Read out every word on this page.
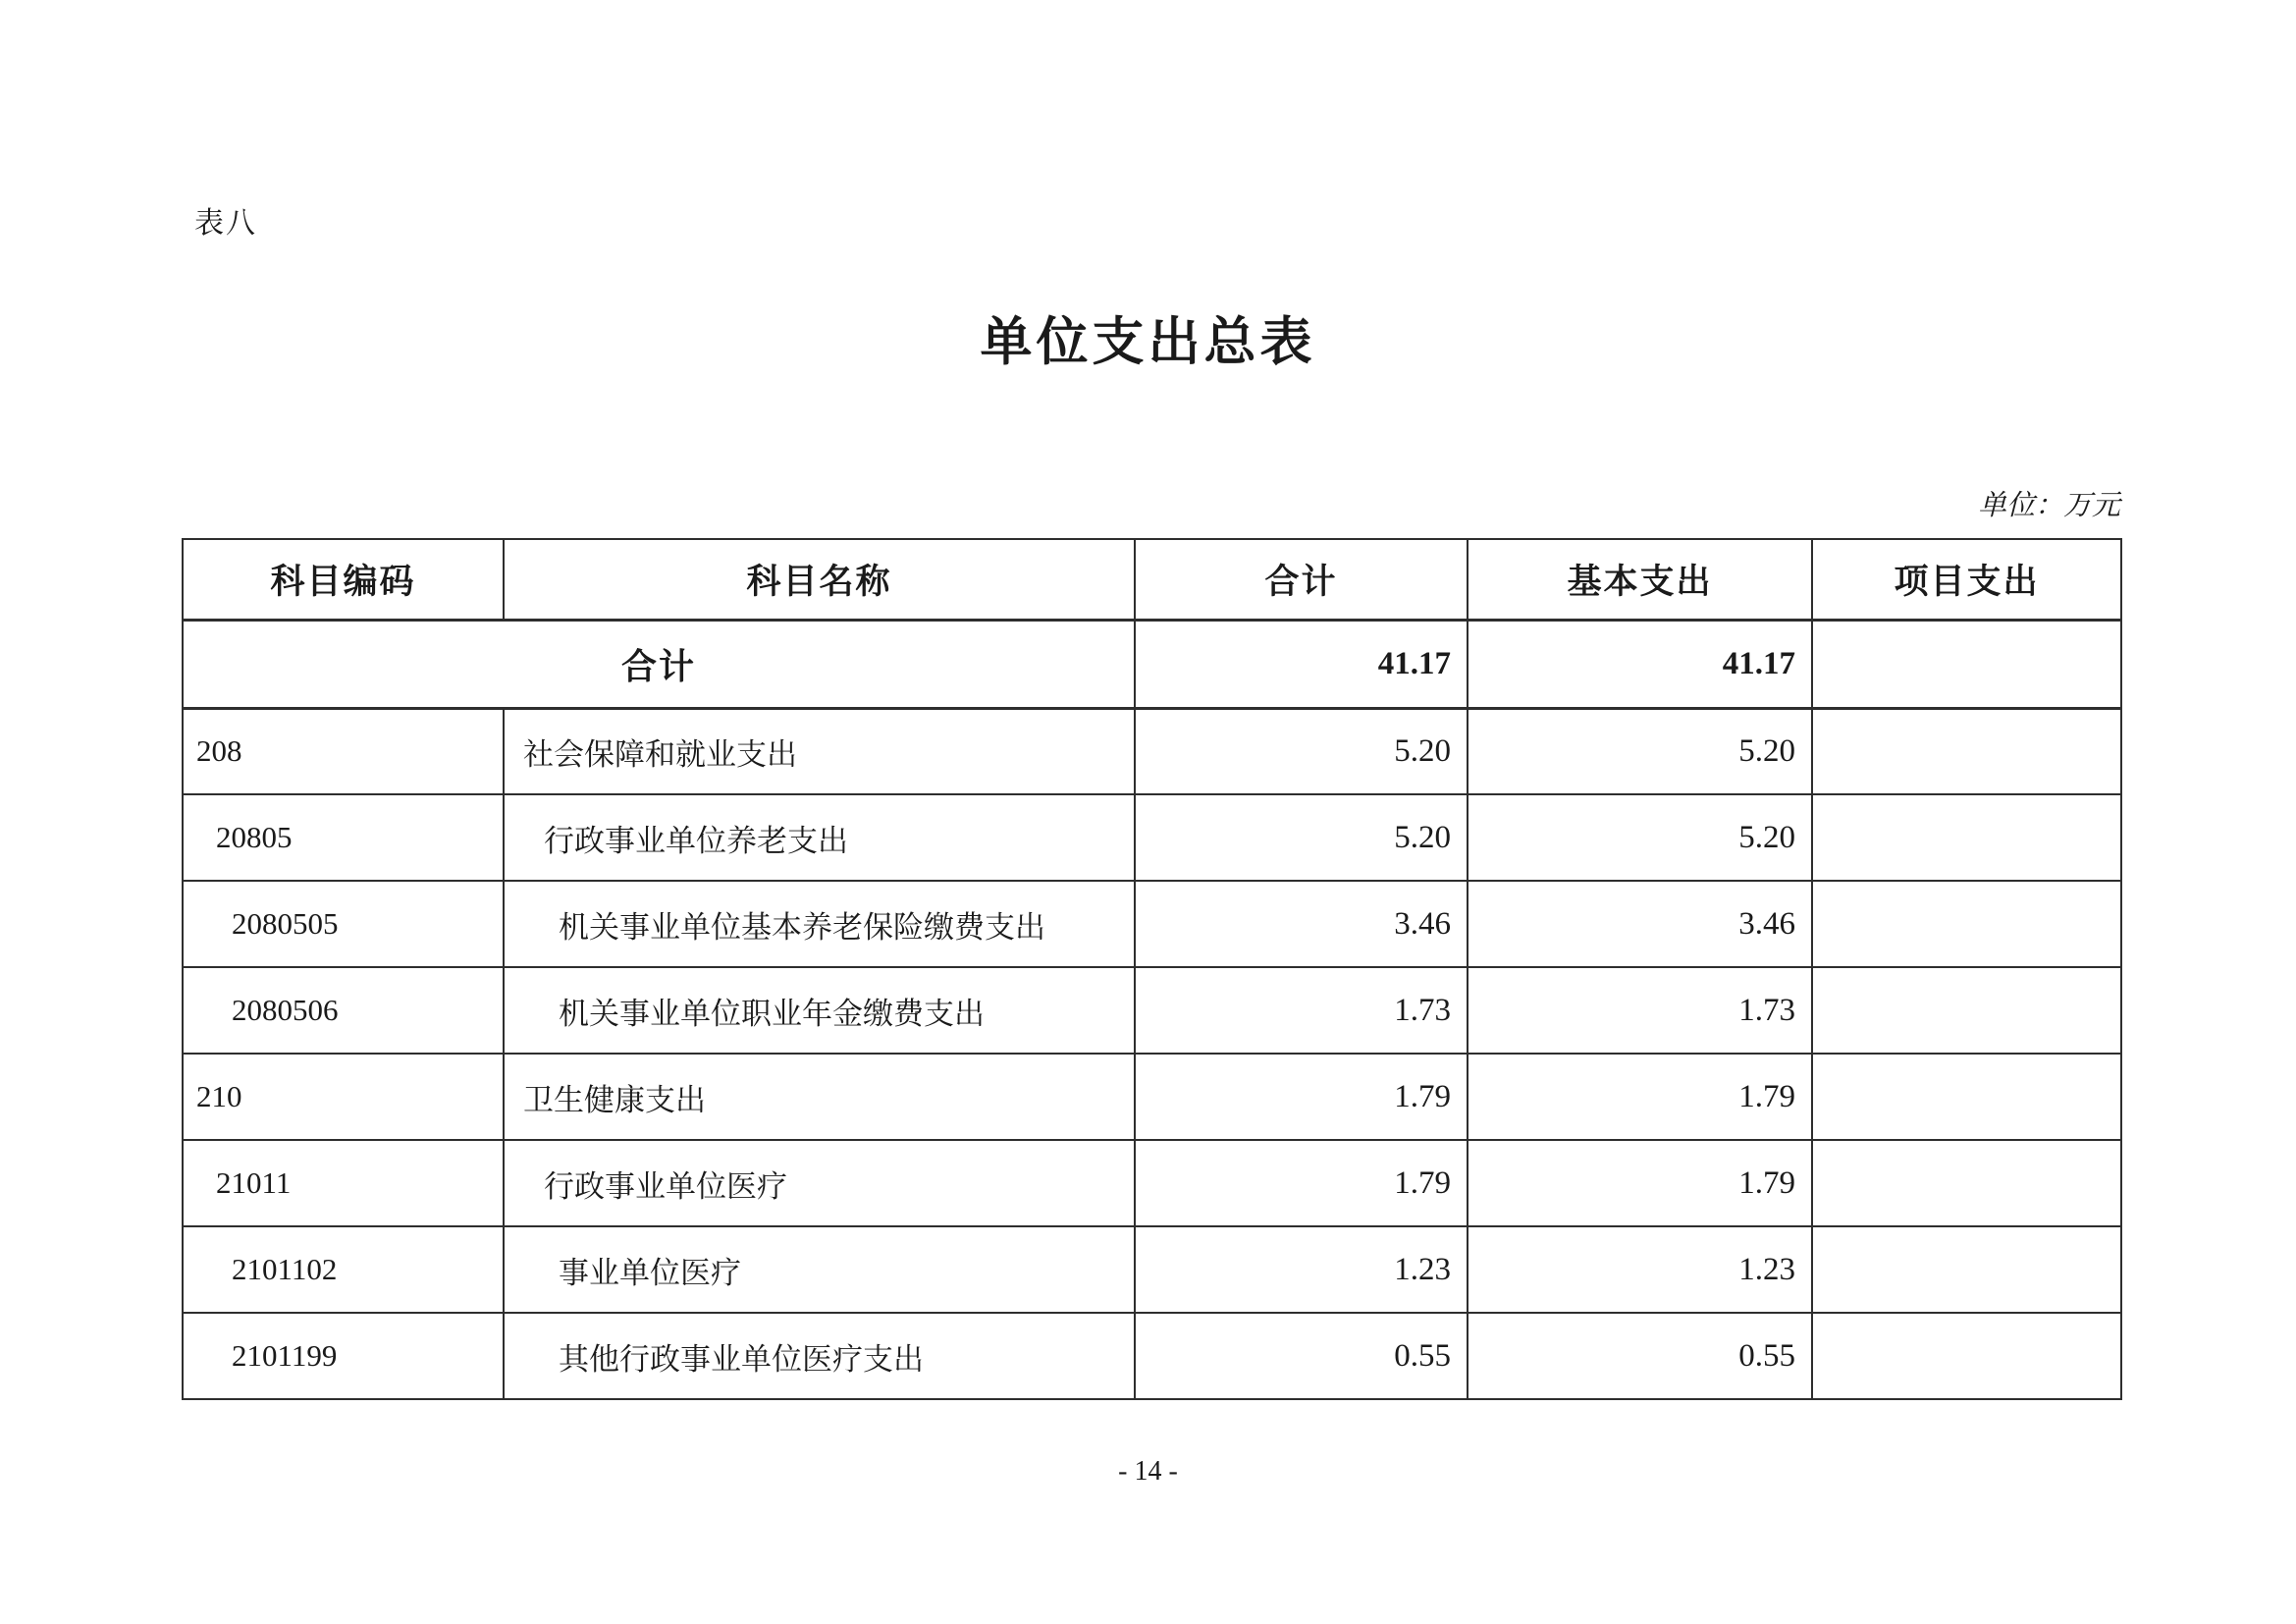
表八
单位支出总表
单位：万元
科目编码	科目名称	合计	基本支出	项目支出
合计		41.17	41.17	
208	社会保障和就业支出	5.20	5.20	
20805	行政事业单位养老支出	5.20	5.20	
2080505	机关事业单位基本养老保险缴费支出	3.46	3.46	
2080506	机关事业单位职业年金缴费支出	1.73	1.73	
210	卫生健康支出	1.79	1.79	
21011	行政事业单位医疗	1.79	1.79	
2101102	事业单位医疗	1.23	1.23	
2101199	其他行政事业单位医疗支出	0.55	0.55	
- 14 -
